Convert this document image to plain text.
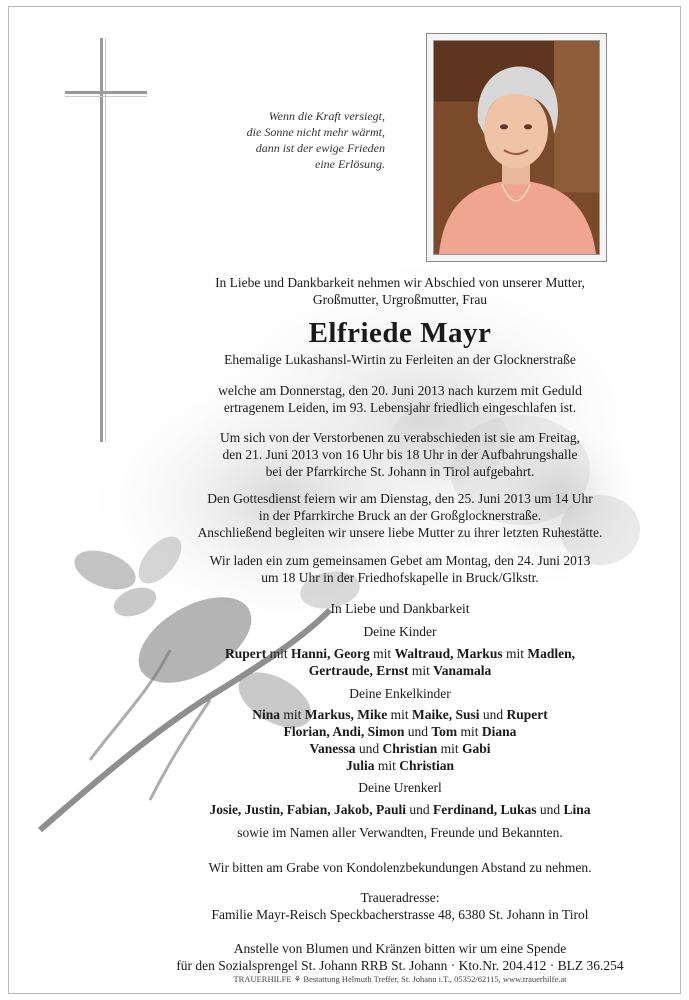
Wenn die Kraft versiegt,
die Sonne nicht mehr wärmt,
dann ist der ewige Frieden
eine Erlösung.
In Liebe und Dankbarkeit nehmen wir Abschied von unserer Mutter,
Großmutter, Urgroßmutter, Frau
Elfriede Mayr
Ehemalige Lukashansl-Wirtin zu Ferleiten an der Glocknerstraße
welche am Donnerstag, den 20. Juni 2013 nach kurzem mit Geduld
ertragenem Leiden, im 93. Lebensjahr friedlich eingeschlafen ist.
Um sich von der Verstorbenen zu verabschieden ist sie am Freitag,
den 21. Juni 2013 von 16 Uhr bis 18 Uhr in der Aufbahrungshalle
bei der Pfarrkirche St. Johann in Tirol aufgebahrt.
Den Gottesdienst feiern wir am Dienstag, den 25. Juni 2013 um 14 Uhr
in der Pfarrkirche Bruck an der Großglocknerstraße.
Anschließend begleiten wir unsere liebe Mutter zu ihrer letzten Ruhestätte.
Wir laden ein zum gemeinsamen Gebet am Montag, den 24. Juni 2013
um 18 Uhr in der Friedhofskapelle in Bruck/Glkstr.
In Liebe und Dankbarkeit
Deine Kinder
Rupert mit Hanni, Georg mit Waltraud, Markus mit Madlen,
Gertraude, Ernst mit Vanamala
Deine Enkelkinder
Nina mit Markus, Mike mit Maike, Susi und Rupert
Florian, Andi, Simon und Tom mit Diana
Vanessa und Christian mit Gabi
Julia mit Christian
Deine Urenkerl
Josie, Justin, Fabian, Jakob, Pauli und Ferdinand, Lukas und Lina
sowie im Namen aller Verwandten, Freunde und Bekannten.
Wir bitten am Grabe von Kondolenzbekundungen Abstand zu nehmen.
Traueradresse:
Familie Mayr-Reisch Speckbacherstrasse 48, 6380 St. Johann in Tirol
Anstelle von Blumen und Kränzen bitten wir um eine Spende
für den Sozialsprengel St. Johann RRB St. Johann · Kto.Nr. 204.412 · BLZ 36.254
TRAUERHILFE ⚘ Bestattung Helmuth Treffer, St. Johann i.T., 05352/62115, www.trauerhilfe.at
